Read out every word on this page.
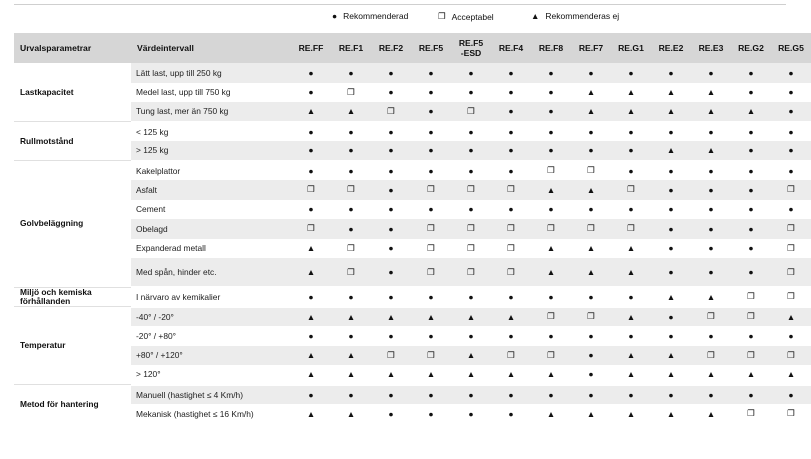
● Rekommenderad	❐ Acceptabel	▲ Rekommenderas ej
Urvalsparametrar	Värdeintervall	RE.FF	RE.F1	RE.F2	RE.F5	RE.F5 -ESD	RE.F4	RE.F8	RE.F7	RE.G1	RE.E2	RE.E3	RE.G2	RE.G5
Lastkapacitet	Lätt last, upp till 250 kg	●	●	●	●	●	●	●	●	●	●	●	●	●
	Medel last, upp till 750 kg	●	❐	●	●	●	●	●	▲	▲	▲	▲	●	●
	Tung last, mer än 750 kg	▲	▲	❐	●	❐	●	●	▲	▲	▲	▲	▲	●
Rullmotstånd	< 125 kg	●	●	●	●	●	●	●	●	●	●	●	●	●
	> 125 kg	●	●	●	●	●	●	●	●	●	▲	▲	●	●
Golvbeläggning	Kakelplattor	●	●	●	●	●	●	❐	❐	●	●	●	●	●
	Asfalt	❐	❐	●	❐	❐	❐	▲	▲	❐	●	●	●	❐
	Cement	●	●	●	●	●	●	●	●	●	●	●	●	●
	Obelagd	❐	●	●	❐	❐	❐	❐	❐	❐	●	●	●	❐
	Expanderad metall	▲	❐	●	❐	❐	❐	▲	▲	▲	●	●	●	❐
	Med spån, hinder etc.	▲	❐	●	❐	❐	❐	▲	▲	▲	●	●	●	❐
Miljö och kemiska förhållanden	I närvaro av kemikalier	●	●	●	●	●	●	●	●	●	▲	▲	❐	❐
Temperatur	-40° / -20°	▲	▲	▲	▲	▲	▲	❐	❐	▲	●	❐	❐	▲
	-20° / +80°	●	●	●	●	●	●	●	●	●	●	●	●	●
	+80° / +120°	▲	▲	❐	❐	▲	❐	❐	●	▲	▲	❐	❐	❐
	> 120°	▲	▲	▲	▲	▲	▲	▲	●	▲	▲	▲	▲	▲
Metod för hantering	Manuell (hastighet ≤ 4 Km/h)	●	●	●	●	●	●	●	●	●	●	●	●	●
	Mekanisk (hastighet ≤ 16 Km/h)	▲	▲	●	●	●	●	▲	▲	▲	▲	▲	❐	❐
